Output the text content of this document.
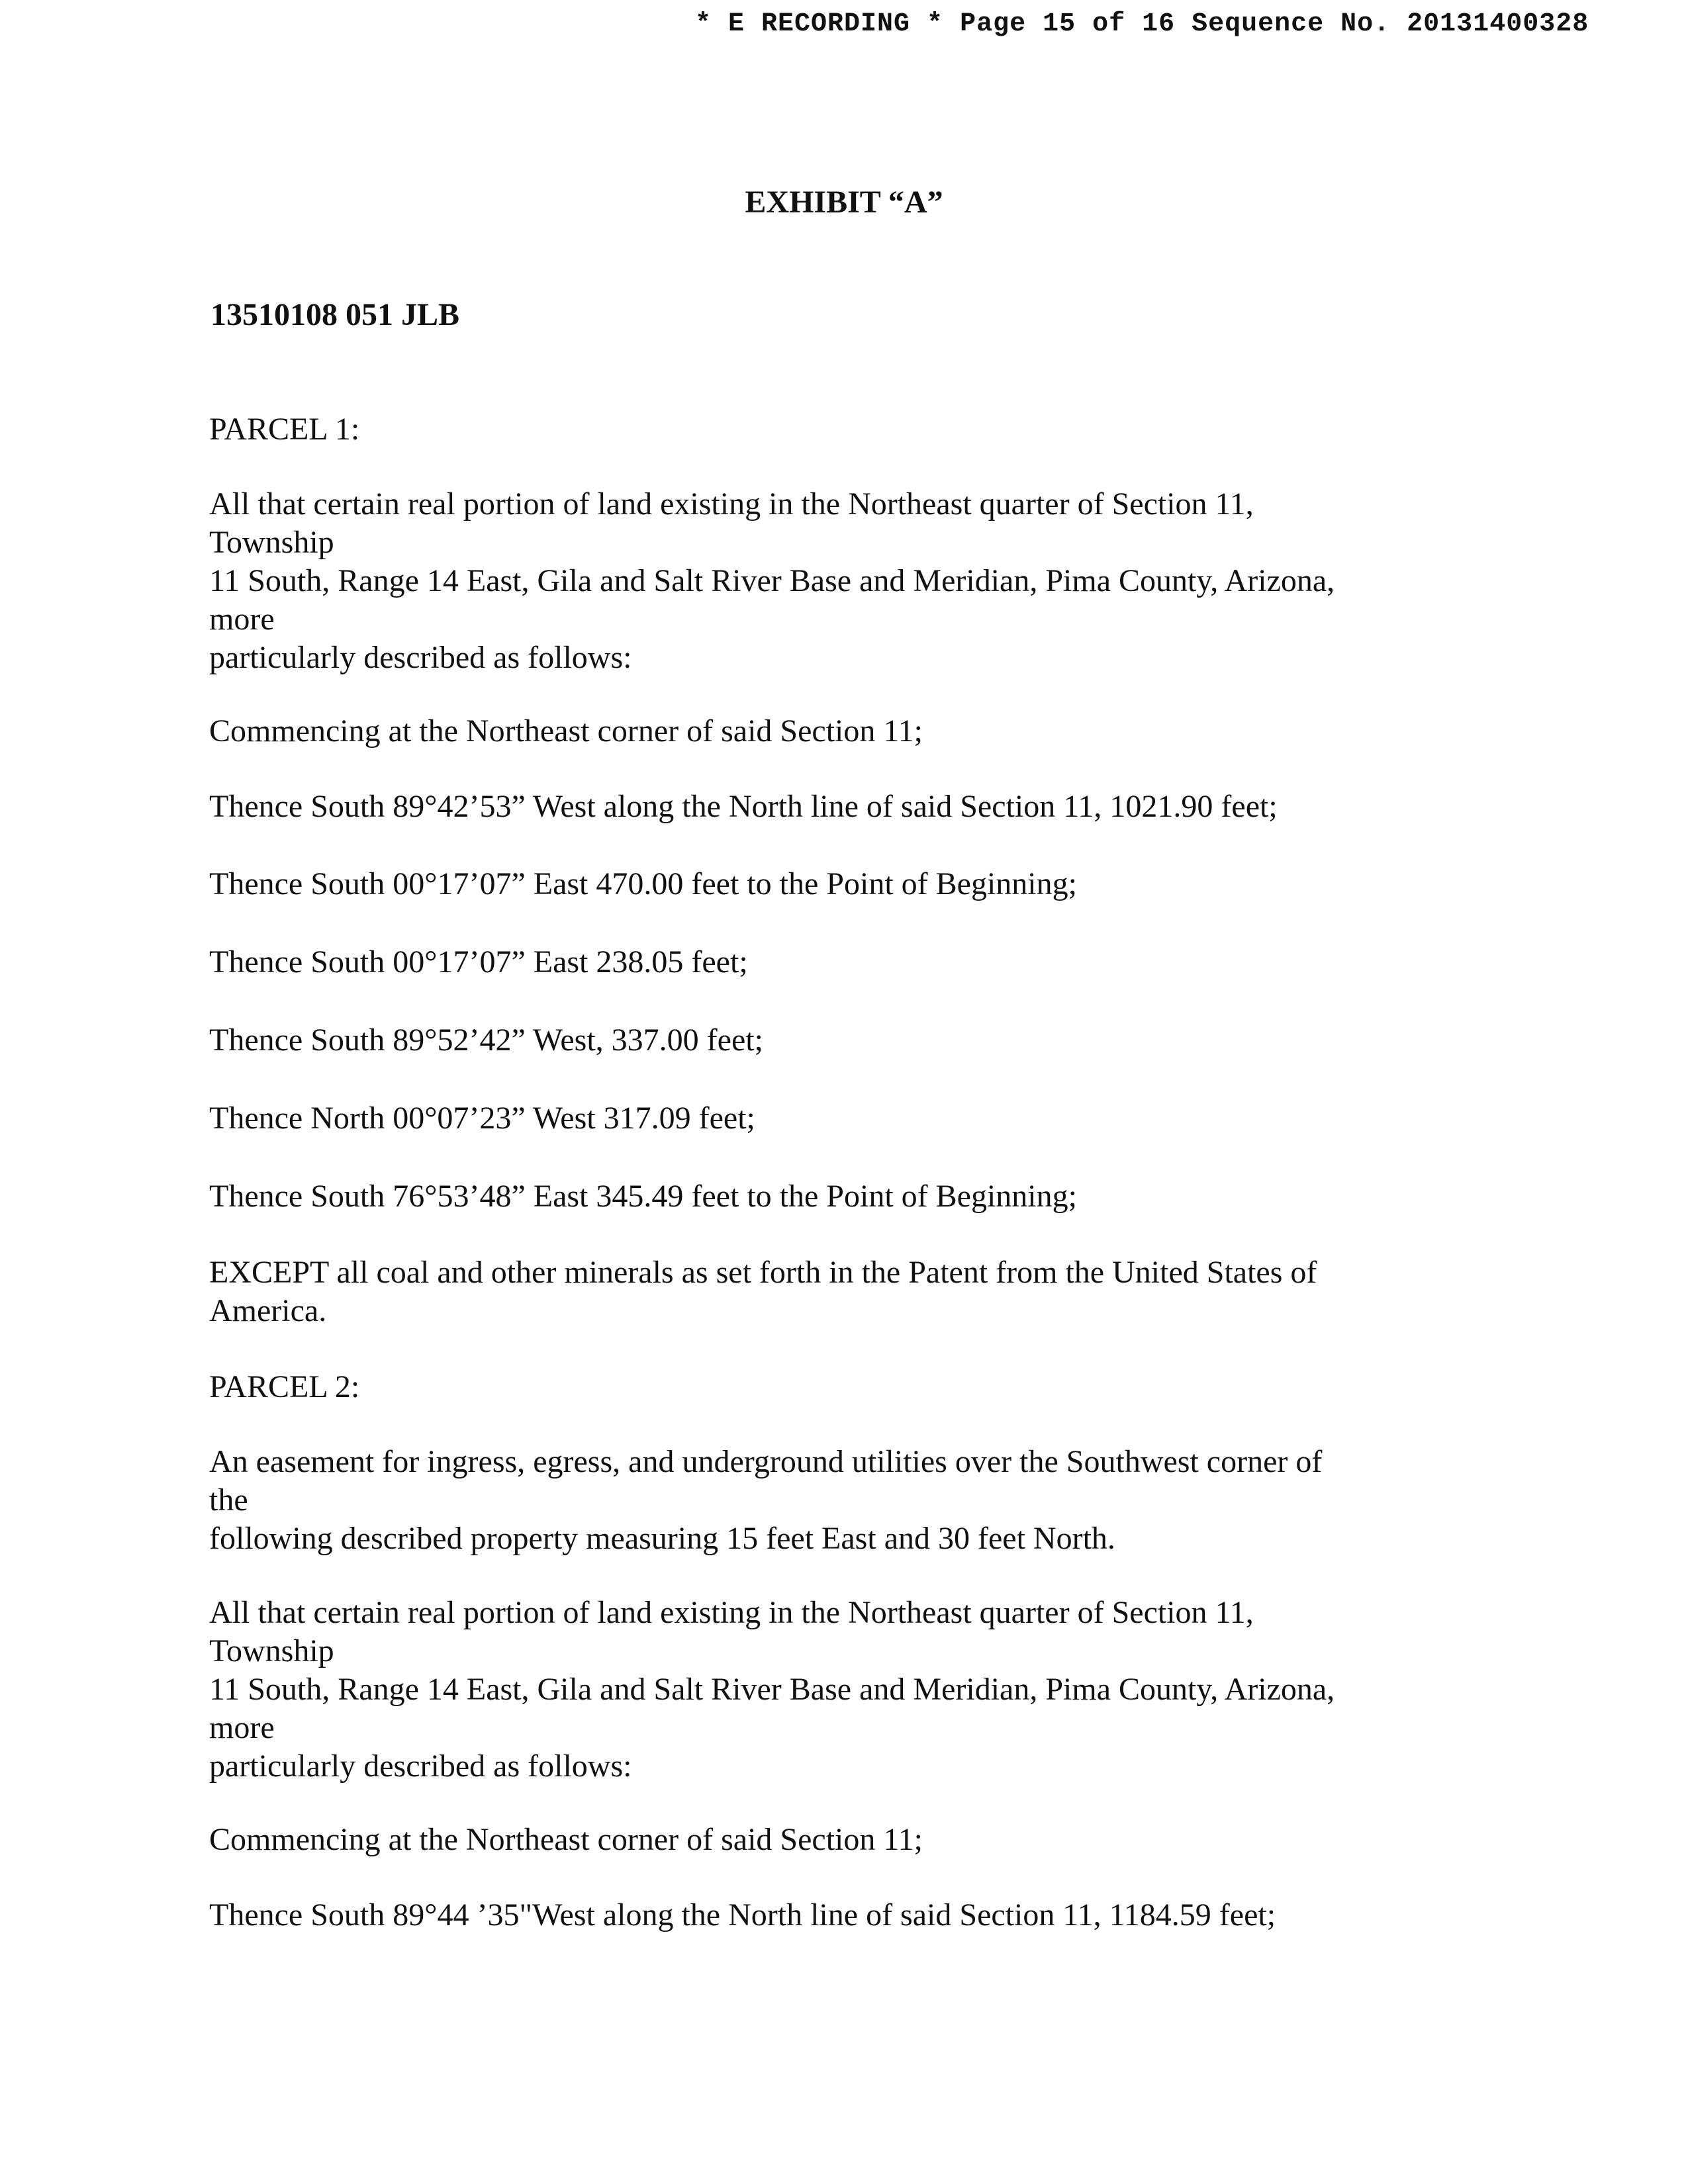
* E RECORDING * Page 15 of 16 Sequence No. 20131400328
EXHIBIT “A”
13510108 051 JLB
PARCEL 1:
All that certain real portion of land existing in the Northeast quarter of Section 11,
Township
11 South, Range 14 East, Gila and Salt River Base and Meridian, Pima County, Arizona,
more
particularly described as follows:
Commencing at the Northeast corner of said Section 11;
Thence South 89°42’53” West along the North line of said Section 11, 1021.90 feet;
Thence South 00°17’07” East 470.00 feet to the Point of Beginning;
Thence South 00°17’07” East 238.05 feet;
Thence South 89°52’42” West, 337.00 feet;
Thence North 00°07’23” West 317.09 feet;
Thence South 76°53’48” East 345.49 feet to the Point of Beginning;
EXCEPT all coal and other minerals as set forth in the Patent from the United States of
America.
PARCEL 2:
An easement for ingress, egress, and underground utilities over the Southwest corner of
the
following described property measuring 15 feet East and 30 feet North.
All that certain real portion of land existing in the Northeast quarter of Section 11,
Township
11 South, Range 14 East, Gila and Salt River Base and Meridian, Pima County, Arizona,
more
particularly described as follows:
Commencing at the Northeast corner of said Section 11;
Thence South 89°44 ’35"West along the North line of said Section 11, 1184.59 feet;
